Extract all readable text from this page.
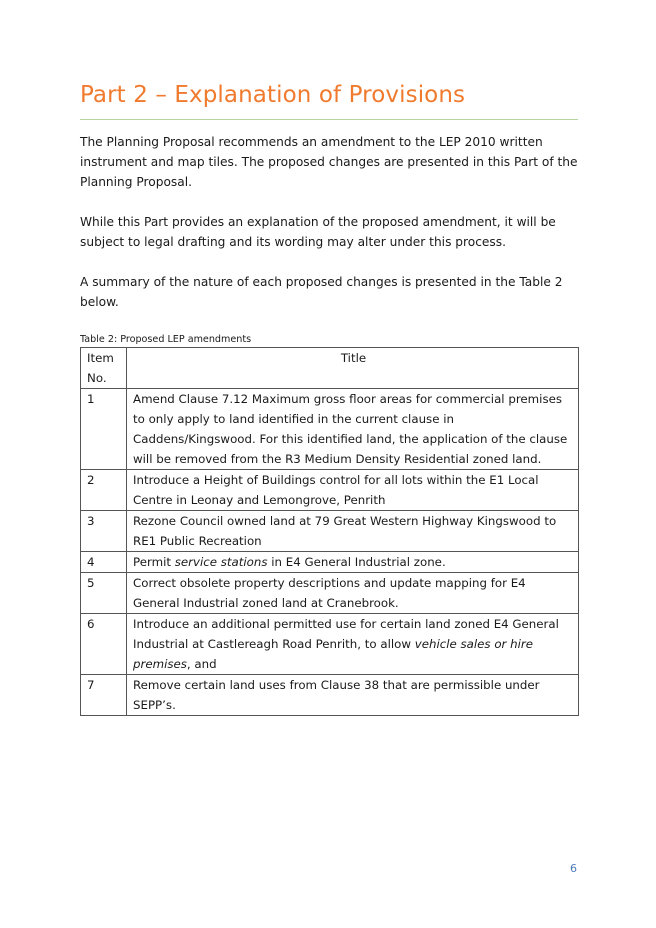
Part 2 – Explanation of Provisions

The Planning Proposal recommends an amendment to the LEP 2010 written instrument and map tiles. The proposed changes are presented in this Part of the Planning Proposal.

While this Part provides an explanation of the proposed amendment, it will be subject to legal drafting and its wording may alter under this process.

A summary of the nature of each proposed changes is presented in the Table 2 below.

Table 2: Proposed LEP amendments

Item No.	Title
1	Amend Clause 7.12 Maximum gross floor areas for commercial premises to only apply to land identified in the current clause in Caddens/Kingswood. For this identified land, the application of the clause will be removed from the R3 Medium Density Residential zoned land.
2	Introduce a Height of Buildings control for all lots within the E1 Local Centre in Leonay and Lemongrove, Penrith
3	Rezone Council owned land at 79 Great Western Highway Kingswood to RE1 Public Recreation
4	Permit service stations in E4 General Industrial zone.
5	Correct obsolete property descriptions and update mapping for E4 General Industrial zoned land at Cranebrook.
6	Introduce an additional permitted use for certain land zoned E4 General Industrial at Castlereagh Road Penrith, to allow vehicle sales or hire premises, and
7	Remove certain land uses from Clause 38 that are permissible under SEPP’s.
6
